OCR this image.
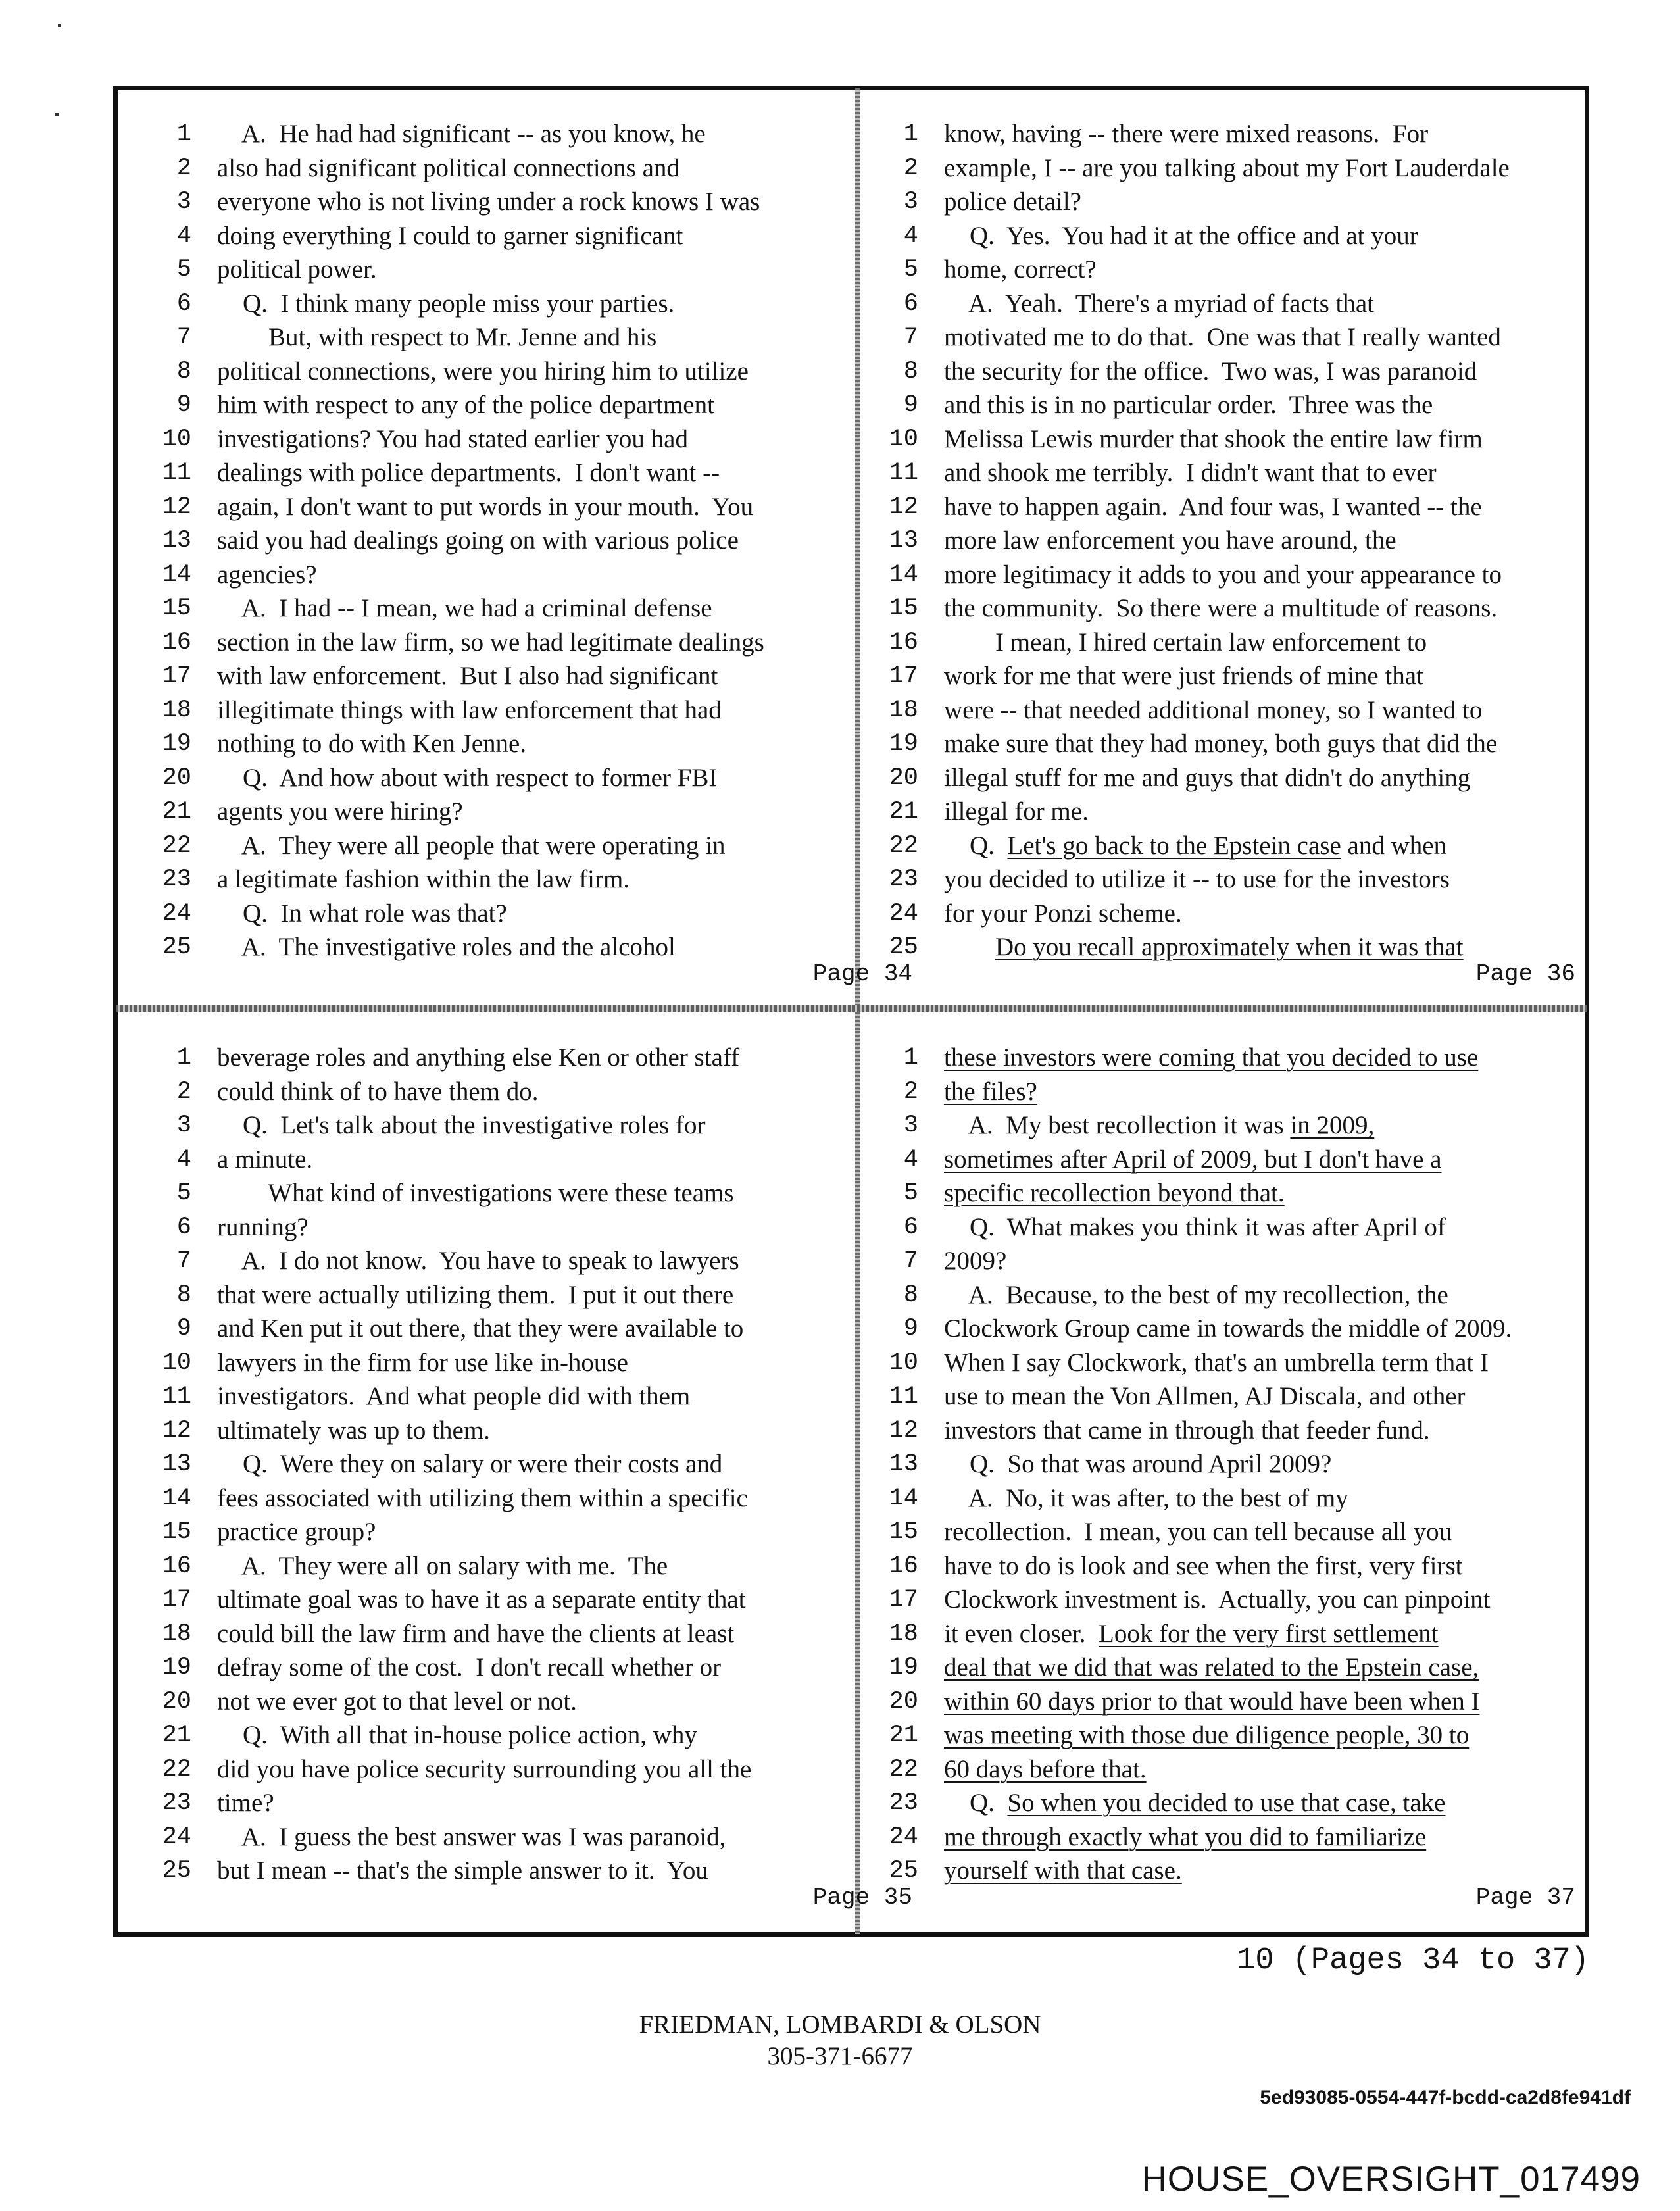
1 A.  He had had significant -- as you know, he
2 also had significant political connections and
3 everyone who is not living under a rock knows I was
4 doing everything I could to garner significant
5 political power.
6 Q.  I think many people miss your parties.
7 But, with respect to Mr. Jenne and his
8 political connections, were you hiring him to utilize
9 him with respect to any of the police department
10 investigations? You had stated earlier you had
11 dealings with police departments.  I don't want --
12 again, I don't want to put words in your mouth.  You
13 said you had dealings going on with various police
14 agencies?
15 A.  I had -- I mean, we had a criminal defense
16 section in the law firm, so we had legitimate dealings
17 with law enforcement.  But I also had significant
18 illegitimate things with law enforcement that had
19 nothing to do with Ken Jenne.
20 Q.  And how about with respect to former FBI
21 agents you were hiring?
22 A.  They were all people that were operating in
23 a legitimate fashion within the law firm.
24 Q.  In what role was that?
25 A.  The investigative roles and the alcohol
Page 34
1 know, having -- there were mixed reasons.  For
2 example, I -- are you talking about my Fort Lauderdale
3 police detail?
4 Q.  Yes.  You had it at the office and at your
5 home, correct?
6 A.  Yeah.  There's a myriad of facts that
7 motivated me to do that.  One was that I really wanted
8 the security for the office.  Two was, I was paranoid
9 and this is in no particular order.  Three was the
10 Melissa Lewis murder that shook the entire law firm
11 and shook me terribly.  I didn't want that to ever
12 have to happen again.  And four was, I wanted -- the
13 more law enforcement you have around, the
14 more legitimacy it adds to you and your appearance to
15 the community.  So there were a multitude of reasons.
16 I mean, I hired certain law enforcement to
17 work for me that were just friends of mine that
18 were -- that needed additional money, so I wanted to
19 make sure that they had money, both guys that did the
20 illegal stuff for me and guys that didn't do anything
21 illegal for me.
22 Q.  Let's go back to the Epstein case and when
23 you decided to utilize it -- to use for the investors
24 for your Ponzi scheme.
25	Do you recall approximately when it was that
Page 36
1 beverage roles and anything else Ken or other staff
2 could think of to have them do.
3 Q.  Let's talk about the investigative roles for
4 a minute.
5 What kind of investigations were these teams
6 running?
7 A.  I do not know.  You have to speak to lawyers
8 that were actually utilizing them.  I put it out there
9 and Ken put it out there, that they were available to
10 lawyers in the firm for use like in-house
11 investigators.  And what people did with them
12 ultimately was up to them.
13 Q.  Were they on salary or were their costs and
14 fees associated with utilizing them within a specific
15 practice group?
16 A.  They were all on salary with me.  The
17 ultimate goal was to have it as a separate entity that
18 could bill the law firm and have the clients at least
19 defray some of the cost.  I don't recall whether or
20 not we ever got to that level or not.
21 Q.  With all that in-house police action, why
22 did you have police security surrounding you all the
23 time?
24 A.  I guess the best answer was I was paranoid,
25 but I mean -- that's the simple answer to it.  You
Page 35
1 these investors were coming that you decided to use
2 the files?
3 A.  My best recollection it was in 2009,
4 sometimes after April of 2009, but I don't have a
5 specific recollection beyond that.
6 Q.  What makes you think it was after April of
7 2009?
8 A.  Because, to the best of my recollection, the
9 Clockwork Group came in towards the middle of 2009.
10 When I say Clockwork, that's an umbrella term that I
11 use to mean the Von Allmen, AJ Discala, and other
12 investors that came in through that feeder fund.
13 Q.  So that was around April 2009?
14 A.  No, it was after, to the best of my
15 recollection.  I mean, you can tell because all you
16 have to do is look and see when the first, very first
17 Clockwork investment is.  Actually, you can pinpoint
18 it even closer.  Look for the very first settlement
19 deal that we did that was related to the Epstein case,
20 within 60 days prior to that would have been when I
21 was meeting with those due diligence people, 30 to
22 60 days before that.
23 Q.  So when you decided to use that case, take
24 me through exactly what you did to familiarize
25 yourself with that case.
Page 37
10 (Pages 34 to 37)
FRIEDMAN, LOMBARDI & OLSON
305-371-6677
5ed93085-0554-447f-bcdd-ca2d8fe941df
HOUSE_OVERSIGHT_017499
